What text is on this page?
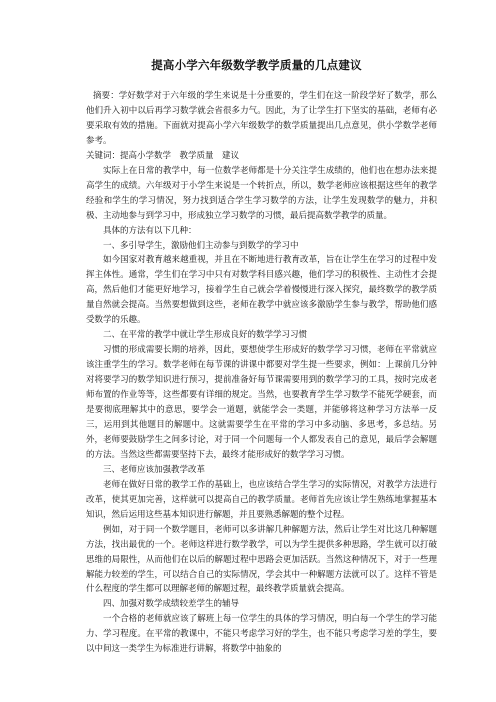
提高小学六年级数学教学质量的几点建议

摘要：学好数学对于六年级的学生来说是十分重要的，学生们在这一阶段学好了数学，那么他们升入初中以后再学习数学就会省很多力气。因此，为了让学生打下坚实的基础，老师有必要采取有效的措施。下面就对提高小学六年级数学的数学质量提出几点意见，供小学数学老师参考。

关键词：提高小学数学　教学质量　建议

实际上在日常的教学中，每一位数学老师都是十分关注学生成绩的，他们也在想办法来提高学生的成绩。六年级对于小学生来说是一个转折点，所以，数学老师应该根据这些年的教学经验和学生的学习情况，努力找到适合学生学习数学的方法，让学生发现数学的魅力，并积极、主动地参与到学习中，形成独立学习数学的习惯，最后提高数学教学的质量。

具体的方法有以下几种：

一、多引导学生，激励他们主动参与到数学的学习中

如今国家对教育越来越重视，并且在不断地进行教育改革，旨在让学生在学习的过程中发挥主体性。通常，学生们在学习中只有对数学科目感兴趣，他们学习的积极性、主动性才会提高，然后他们才能更好地学习，接着学生自己就会学着慢慢进行深入探究，最终数学的教学质量自然就会提高。当然要想做到这些，老师在教学中就应该多激励学生参与教学，帮助他们感受数学的乐趣。

二、在平常的教学中就让学生形成良好的数学学习习惯

习惯的形成需要长期的培养，因此，要想使学生形成好的数学学习习惯，老师在平常就应该注重学生的学习。数学老师在每节课的讲课中都要对学生提一些要求，例如：上课前几分钟对将要学习的数学知识进行预习，提前准备好每节课需要用到的数学学习的工具，按时完成老师布置的作业等等，这些都要有详细的规定。当然，也要教育学生学习数学不能死学硬套，而是要彻底理解其中的意思，要学会一道题，就能学会一类题，并能够将这种学习方法举一反三，运用到其他题目的解题中。这就需要学生在平常的学习中多动脑、多思考，多总结。另外，老师要鼓励学生之间多讨论，对于同一个问题每一个人都发表自己的意见，最后学会解题的方法。当然这些都需要坚持下去，最终才能形成好的数学学习习惯。

三、老师应该加强教学改革

老师在做好日常的教学工作的基础上，也应该结合学生学习的实际情况，对教学方法进行改革，使其更加完善，这样就可以提高自己的教学质量。老师首先应该让学生熟练地掌握基本知识，然后运用这些基本知识进行解题，并且要熟悉解题的整个过程。

例如，对于同一个数学题目，老师可以多讲解几种解题方法，然后让学生对比这几种解题方法，找出最优的一个。老师这样进行数学教学，可以为学生提供多种思路，学生就可以打破思维的局限性，从而他们在以后的解题过程中思路会更加活跃。当然这种情况下，对于一些理解能力较差的学生，可以结合自己的实际情况，学会其中一种解题方法就可以了。这样不管是什么程度的学生都可以理解老师的解题过程，最终教学质量就会提高。

四、加强对数学成绩较差学生的辅导

一个合格的老师就应该了解班上每一位学生的具体的学习情况，明白每一个学生的学习能力、学习程度。在平常的教课中，不能只考虑学习好的学生，也不能只考虑学习差的学生，要以中间这一类学生为标准进行讲解，将数学中抽象的
